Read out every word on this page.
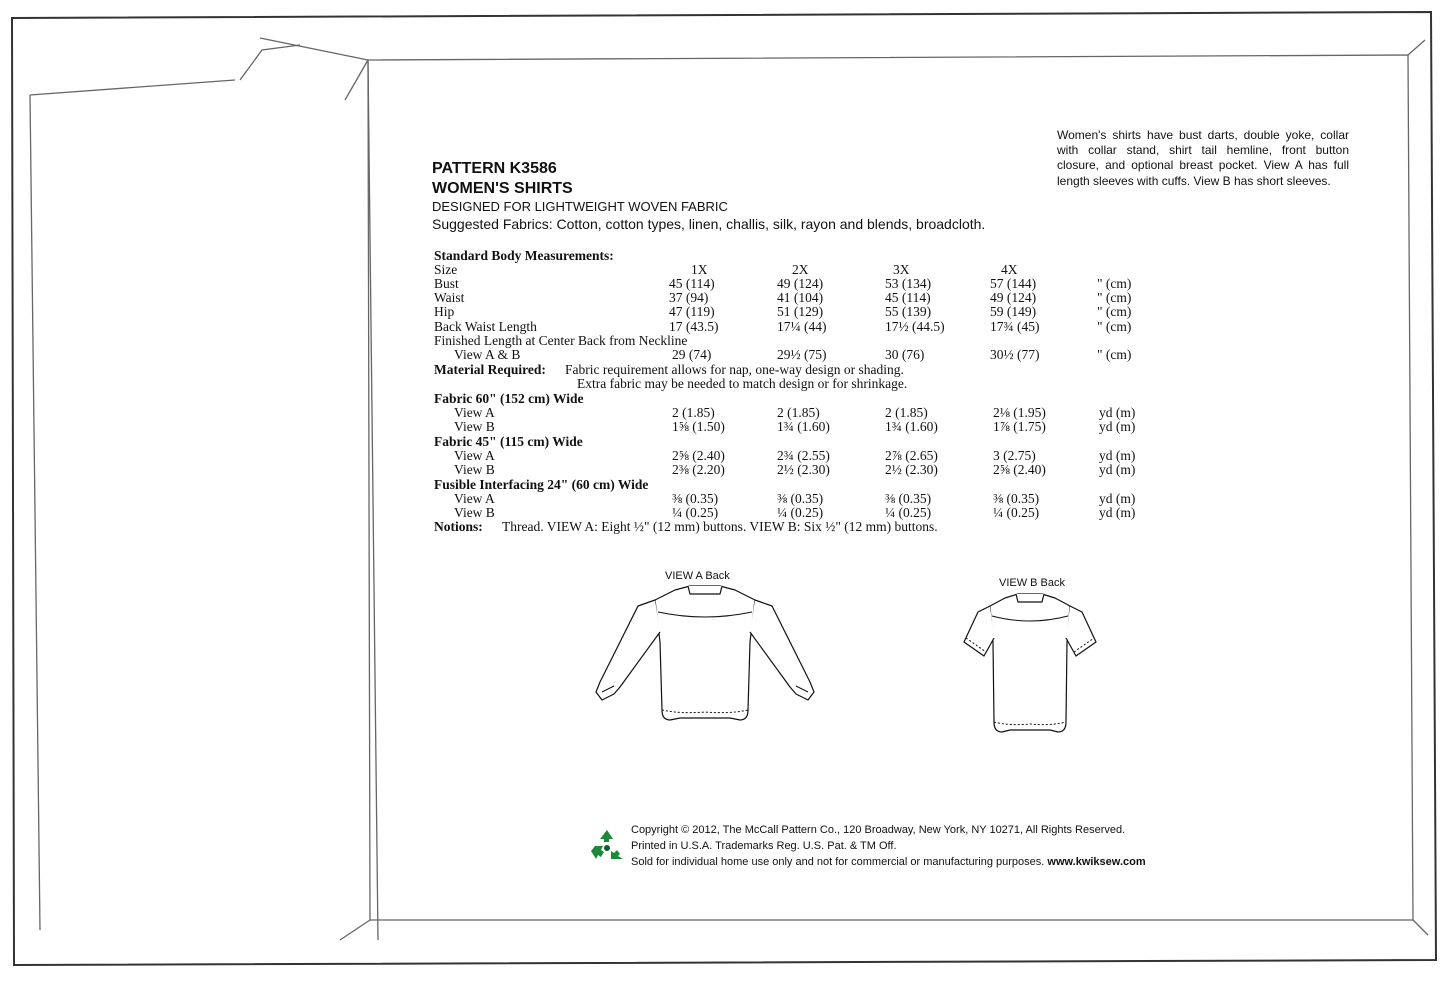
PATTERN K3586
WOMEN'S SHIRTS
DESIGNED FOR LIGHTWEIGHT WOVEN FABRIC
Suggested Fabrics: Cotton, cotton types, linen, challis, silk, rayon and blends, broadcloth.
Women's shirts have bust darts, double yoke, collar with collar stand, shirt tail hemline, front button closure, and optional breast pocket. View A has full length sleeves with cuffs. View B has short sleeves.
Standard Body Measurements:
Size	1X	2X	3X	4X
Bust	45 (114)	49 (124)	53 (134)	57 (144)	" (cm)
Waist	37 (94)	41 (104)	45 (114)	49 (124)	" (cm)
Hip	47 (119)	51 (129)	55 (139)	59 (149)	" (cm)
Back Waist Length	17 (43.5)	17¼ (44)	17½ (44.5)	17¾ (45)	" (cm)
Finished Length at Center Back from Neckline
View A & B	29 (74)	29½ (75)	30 (76)	30½ (77)	" (cm)
Material Required: Fabric requirement allows for nap, one-way design or shading.
Extra fabric may be needed to match design or for shrinkage.
Fabric 60" (152 cm) Wide
View A	2 (1.85)	2 (1.85)	2 (1.85)	2⅛ (1.95)	yd (m)
View B	1⅝ (1.50)	1¾ (1.60)	1¾ (1.60)	1⅞ (1.75)	yd (m)
Fabric 45" (115 cm) Wide
View A	2⅝ (2.40)	2¾ (2.55)	2⅞ (2.65)	3 (2.75)	yd (m)
View B	2⅜ (2.20)	2½ (2.30)	2½ (2.30)	2⅝ (2.40)	yd (m)
Fusible Interfacing 24" (60 cm) Wide
View A	⅜ (0.35)	⅜ (0.35)	⅜ (0.35)	⅜ (0.35)	yd (m)
View B	¼ (0.25)	¼ (0.25)	¼ (0.25)	¼ (0.25)	yd (m)
Notions: Thread. VIEW A: Eight ½" (12 mm) buttons. VIEW B: Six ½" (12 mm) buttons.
VIEW A Back
VIEW B Back
Copyright © 2012, The McCall Pattern Co., 120 Broadway, New York, NY 10271, All Rights Reserved.
Printed in U.S.A. Trademarks Reg. U.S. Pat. & TM Off.
Sold for individual home use only and not for commercial or manufacturing purposes. www.kwiksew.com
